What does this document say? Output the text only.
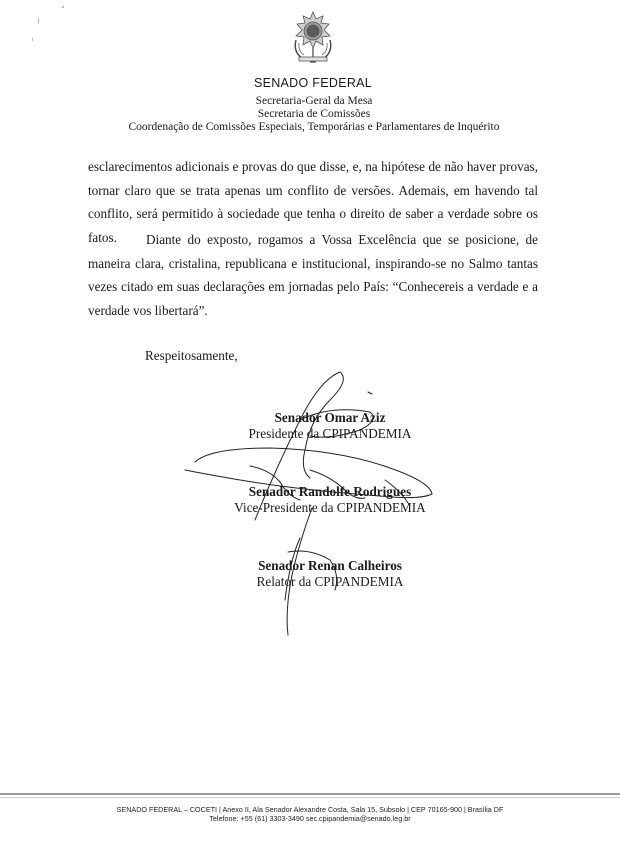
SENADO FEDERAL
Secretaria-Geral da Mesa
Secretaria de Comissões
Coordenação de Comissões Especiais, Temporárias e Parlamentares de Inquérito
esclarecimentos adicionais e provas do que disse, e, na hipótese de não haver provas, tornar claro que se trata apenas um conflito de versões. Ademais, em havendo tal conflito, será permitido à sociedade que tenha o direito de saber a verdade sobre os fatos.	Diante do exposto, rogamos a Vossa Excelência que se posicione, de maneira clara, cristalina, republicana e institucional, inspirando-se no Salmo tantas vezes citado em suas declarações em jornadas pelo País: “Conhecereis a verdade e a verdade vos libertará”.
Respeitosamente,
Senador Omar Aziz
Presidente da CPIPANDEMIA
Senador Randolfe Rodrigues
Vice-Presidente da CPIPANDEMIA
Senador Renan Calheiros
Relator da CPIPANDEMIA
SENADO FEDERAL – COCETI | Anexo II, Ala Senador Alexandre Costa, Sala 15, Subsolo | CEP 70165-900 | Brasília DF
Telefone: +55 (61) 3303-3490 sec.cpipandemia@senado.leg.br
